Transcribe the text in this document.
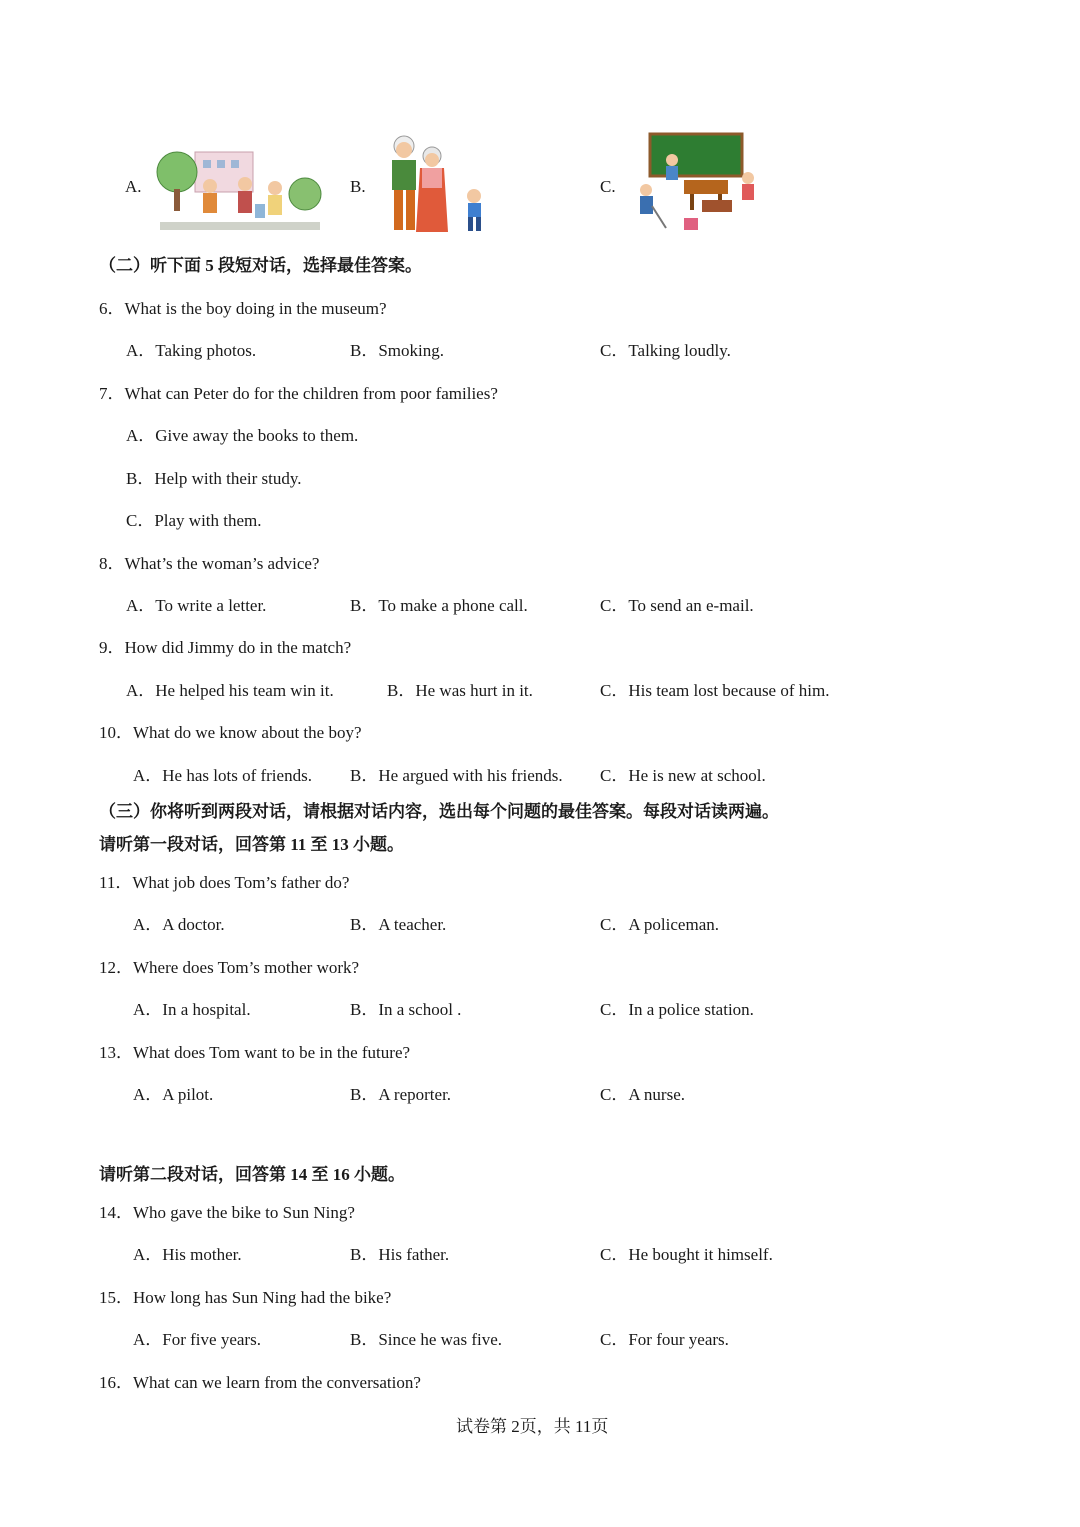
A.	B.	C.
（二）听下面 5 段短对话，选择最佳答案。
6．What is the boy doing in the museum?
A．Taking photos.	B．Smoking.	C．Talking loudly.
7．What can Peter do for the children from poor families?
A．Give away the books to them.
B．Help with their study.
C．Play with them.
8．What’s the woman’s advice?
A．To write a letter.	B．To make a phone call.	C．To send an e-mail.
9．How did Jimmy do in the match?
A．He helped his team win it.	B．He was hurt in it.	C．His team lost because of him.
10．What do we know about the boy?
A．He has lots of friends. B．He argued with his friends. C．He is new at school.
（三）你将听到两段对话，请根据对话内容，选出每个问题的最佳答案。每段对话读两遍。
请听第一段对话，回答第 11 至 13 小题。
11．What job does Tom’s father do?
A．A doctor.	B．A teacher.	C．A policeman.
12．Where does Tom’s mother work?
A．In a hospital.	B．In a school .	C．In a police station.
13．What does Tom want to be in the future?
A．A pilot.	B．A reporter.	C．A nurse.
请听第二段对话，回答第 14 至 16 小题。
14．Who gave the bike to Sun Ning?
A．His mother.	B．His father.	C．He bought it himself.
15．How long has Sun Ning had the bike?
A．For five years.	B．Since he was five.	C．For four years.
16．What can we learn from the conversation?
试卷第 2页，共 11页
